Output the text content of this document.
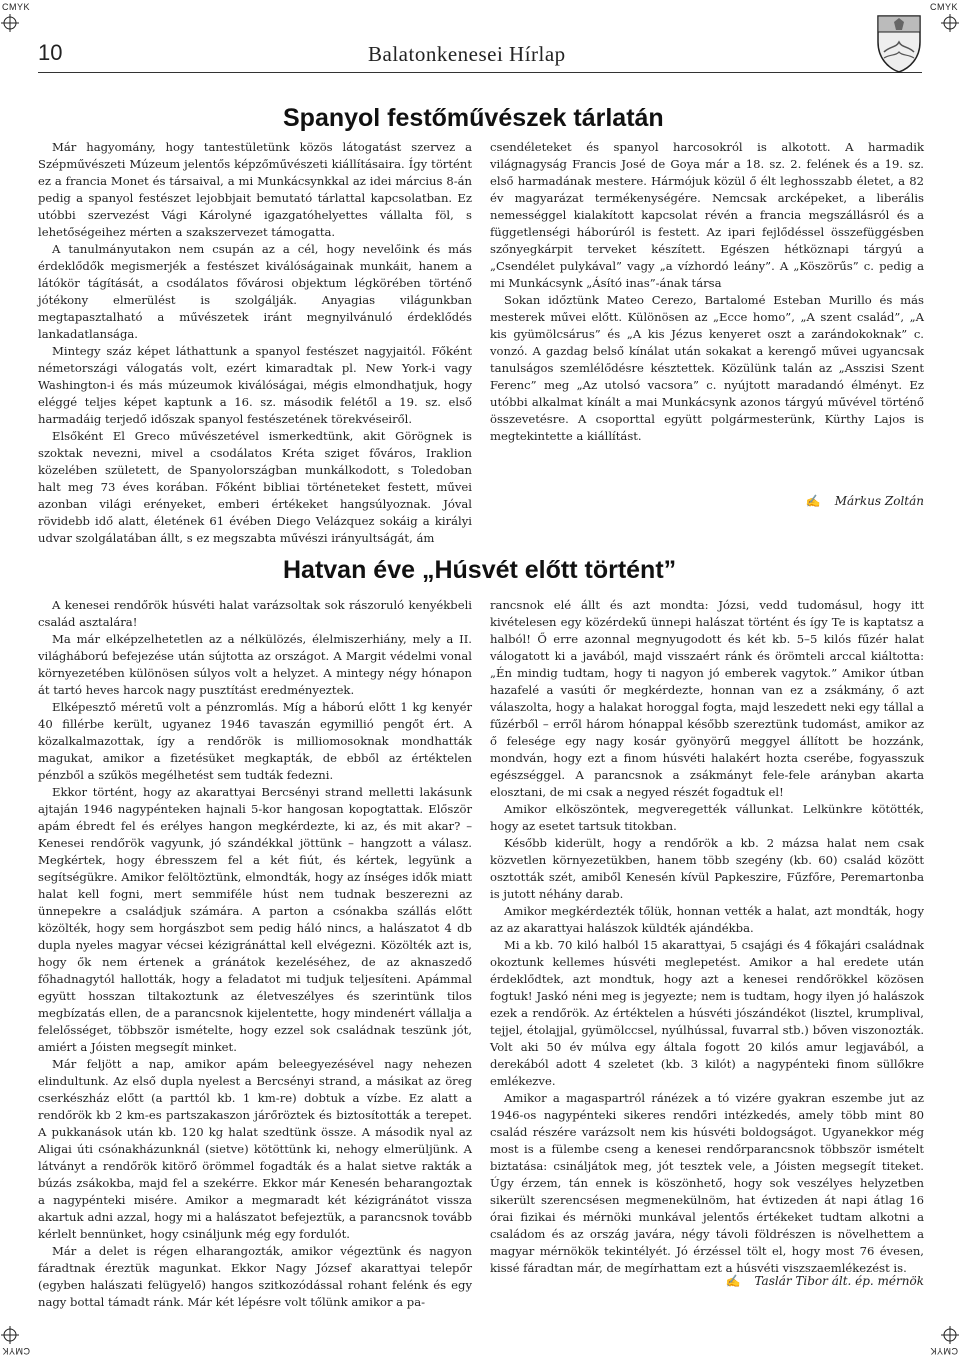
CMYK	CMYK
CMYK	CMYK
10	Balatonkenesei Hírlap
Spanyol festőművészek tárlatán

Már hagyomány, hogy tantestületünk közös látogatást szervez a Szépművészeti Múzeum jelentős képzőművészeti kiállításaira. Így történt ez a francia Monet és társaival, a mi Munkácsynkkal az idei március 8-án pedig a spanyol festészet lejobbjait bemutató tárlattal kapcsolatban. Ez utóbbi szervezést Vági Károlyné igazgatóhelyettes vállalta föl, s lehetőségeihez mérten a szakszervezet támogatta.

A tanulmányutakon nem csupán az a cél, hogy nevelőink és más érdeklődők megismerjék a festészet kiválóságainak munkáit, hanem a látókör tágítását, a csodálatos fővárosi objektum légkörében történő jótékony elmerülést is szolgálják. Anyagias világunkban megtapasztalható a művészetek iránt megnyilvánuló érdeklődés lankadatlansága.

Mintegy száz képet láthattunk a spanyol festészet nagyjaitól. Főként németországi válogatás volt, ezért kimaradtak pl. New York-i vagy Washington-i és más múzeumok kiválóságai, mégis elmondhatjuk, hogy eléggé teljes képet kaptunk a 16. sz. második felétől a 19. sz. első harmadáig terjedő időszak spanyol festészetének törekvéseiről.

Elsőként El Greco művészetével ismerkedtünk, akit Görögnek is szoktak nevezni, mivel a csodálatos Kréta sziget főváros, Iraklion közelében született, de Spanyolországban munkálkodott, s Toledoban halt meg 73 éves korában. Főként bibliai történeteket festett, művei azonban világi erényeket, emberi értékeket hangsúlyoznak. Jóval rövidebb idő alatt, életének 61 évében Diego Velázquez sokáig a királyi udvar szolgálatában állt, s ez megszabta művészi irányultságát, ám

csendéleteket és spanyol harcosokról is alkotott. A harmadik világnagyság Francis José de Goya már a 18. sz. 2. felének és a 19. sz. első harmadának mestere. Hármójuk közül ő élt leghosszabb életet, a 82 év magyarázat termékenységére. Nemcsak arcképeket, a liberális nemességgel kialakított kapcsolat révén a francia megszállásról és a függetlenségi háborúról is festett. Az ipari fejlődéssel összefüggésben szőnyegkárpit terveket készített. Egészen hétköznapi tárgyú a „Csendélet pulykával” vagy „a vízhordó leány”. A „Köszörűs” c. pedig a mi Munkácsynk „Ásító inas”-ának társa

Sokan időztünk Mateo Cerezo, Bartalomé Esteban Murillo és más mesterek művei előtt. Különösen az „Ecce homo”, „A szent család”, „A kis gyümölcsárus” és „A kis Jézus kenyeret oszt a zarándokoknak” c. vonzó. A gazdag belső kínálat után sokakat a kerengő művei ugyancsak tanulságos szemlélődésre késztettek. Közülünk talán az „Asszisi Szent Ferenc” meg „Az utolsó vacsora” c. nyújtott maradandó élményt. Ez utóbbi alkalmat kínált a mai Munkácsynk azonos tárgyú művével történő összevetésre. A csoporttal együtt polgármesterünk, Kürthy Lajos is megtekintette a kiállítást.

✍ Márkus Zoltán
Hatvan éve „Húsvét előtt történt”

A kenesei rendőrök húsvéti halat varázsoltak sok rászoruló kenyékbeli család asztalára!

Ma már elképzelhetetlen az a nélkülözés, élelmiszerhiány, mely a II. világháború befejezése után sújtotta az országot. A Margit védelmi vonal környezetében különösen súlyos volt a helyzet. A mintegy négy hónapon át tartó heves harcok nagy pusztítást eredményeztek.

Elképesztő méretű volt a pénzromlás. Míg a háború előtt 1 kg kenyér 40 fillérbe került, ugyanez 1946 tavaszán egymillió pengőt ért. A közalkalmazottak, így a rendőrök is milliomosoknak mondhatták magukat, amikor a fizetésüket megkapták, de ebből az értéktelen pénzből a szűkös megélhetést sem tudták fedezni.

Ekkor történt, hogy az akarattyai Bercsényi strand melletti lakásunk ajtaján 1946 nagypénteken hajnali 5-kor hangosan kopogtattak. Először apám ébredt fel és erélyes hangon megkérdezte, ki az, és mit akar? – Kenesei rendőrök vagyunk, jó szándékkal jöttünk – hangzott a válasz. Megkértek, hogy ébresszem fel a két fiút, és kértek, legyünk a segítségükre. Amikor felöltöztünk, elmondták, hogy az ínséges idők miatt halat kell fogni, mert semmiféle húst nem tudnak beszerezni az ünnepekre a családjuk számára. A parton a csónakba szállás előtt közölték, hogy sem horgászbot sem pedig háló nincs, a halászatot 4 db dupla nyeles magyar vécsei kézigránáttal kell elvégezni. Közölték azt is, hogy ők nem értenek a gránátok kezeléséhez, de az aknaszedő főhadnagytól hallották, hogy a feladatot mi tudjuk teljesíteni. Apámmal együtt hosszan tiltakoztunk az életveszélyes és szerintünk tilos megbízatás ellen, de a parancsnok kijelentette, hogy mindenért vállalja a felelősséget, többször ismételte, hogy ezzel sok családnak teszünk jót, amiért a Jóisten megsegít minket.

Már feljött a nap, amikor apám beleegyezésével nagy nehezen elindultunk. Az első dupla nyelest a Bercsényi strand, a másikat az öreg cserkészház előtt (a parttól kb. 1 km-re) dobtuk a vízbe. Ez alatt a rendőrök kb 2 km-es partszakaszon járőröztek és biztosították a terepet. A pukkanások után kb. 120 kg halat szedtünk össze. A második nyal az Aligai úti csónakházunknál (sietve) kötöttünk ki, nehogy elmerüljünk. A látványt a rendőrök kitörő örömmel fogadták és a halat sietve rakták a búzás zsákokba, majd fel a szekérre. Ekkor már Kenesén beharangoztak a nagypénteki misére. Amikor a megmaradt két kézigránátot vissza akartuk adni azzal, hogy mi a halászatot befejeztük, a parancsnok tovább kérlelt bennünket, hogy csináljunk még egy fordulót.

Már a delet is régen elharangozták, amikor végeztünk és nagyon fáradtnak éreztük magunkat. Ekkor Nagy József akarattyai telepőr (egyben halászati felügyelő) hangos szitkozódással rohant felénk és egy nagy bottal támadt ránk. Már két lépésre volt tőlünk amikor a pa-

rancsnok elé állt és azt mondta: Józsi, vedd tudomásul, hogy itt kivételesen egy közérdekű ünnepi halászat történt és így Te is kaptatsz a halból! Ő erre azonnal megnyugodott és két kb. 5–5 kilós fűzér halat válogatott ki a javából, majd visszaért ránk és örömteli arccal kiáltotta: „Én mindig tudtam, hogy ti nagyon jó emberek vagytok.” Amikor útban hazafelé a vasúti őr megkérdezte, honnan van ez a zsákmány, ő azt válaszolta, hogy a halakat horoggal fogta, majd leszedett neki egy tállal a fűzérből – erről három hónappal később szereztünk tudomást, amikor az ő felesége egy nagy kosár gyönyörű meggyel állított be hozzánk, mondván, hogy ezt a finom húsvéti halakért hozta cserébe, fogyasszuk egészséggel. A parancsnok a zsákmányt fele-fele arányban akarta elosztani, de mi csak a negyed részét fogadtuk el!

Amikor elköszöntek, megveregették vállunkat. Lelkünkre kötötték, hogy az esetet tartsuk titokban.

Később kiderült, hogy a rendőrök a kb. 2 mázsa halat nem csak közvetlen környezetükben, hanem több szegény (kb. 60) család között osztották szét, amiből Kenesén kívül Papkeszire, Fűzfőre, Peremartonba is jutott néhány darab.

Amikor megkérdezték tőlük, honnan vették a halat, azt mondták, hogy az az akarattyai halászok küldték ajándékba.

Mi a kb. 70 kiló halból 15 akarattyai, 5 csajági és 4 főkajári családnak okoztunk kellemes húsvéti meglepetést. Amikor a hal eredete után érdeklődtek, azt mondtuk, hogy azt a kenesei rendőrökkel közösen fogtuk! Jaskó néni meg is jegyezte; nem is tudtam, hogy ilyen jó halászok ezek a rendőrök. Az értéktelen a húsvéti jószándékot (lisztel, krumplival, tejjel, étolajjal, gyümölccsel, nyúlhússal, fuvarral stb.) bőven viszonozták. Volt aki 50 év múlva egy általa fogott 20 kilós amur legjavából, a derekából adott 4 szeletet (kb. 3 kilót) a nagypénteki finom süllőkre emlékezve.

Amikor a magaspartról ránézek a tó vizére gyakran eszembe jut az 1946-os nagypénteki sikeres rendőri intézkedés, amely több mint 80 család részére varázsolt nem kis húsvéti boldogságot. Ugyanekkor még most is a fülembe cseng a kenesei rendőrparancsnok többször ismételt biztatása: csináljátok meg, jót tesztek vele, a Jóisten megsegít titeket. Úgy érzem, tán ennek is köszönhető, hogy sok veszélyes helyzetben sikerült szerencsésen megmenekülnöm, hat évtizeden át napi átlag 16 órai fizikai és mérnöki munkával jelentős értékeket tudtam alkotni a családom és az ország javára, négy távoli földrészen is növelhettem a magyar mérnökök tekintélyét. Jó érzéssel tölt el, hogy most 76 évesen, kissé fáradtan már, de megírhattam ezt a húsvéti viszszaemlékezést is.

✍ Taslár Tibor ált. ép. mérnök
